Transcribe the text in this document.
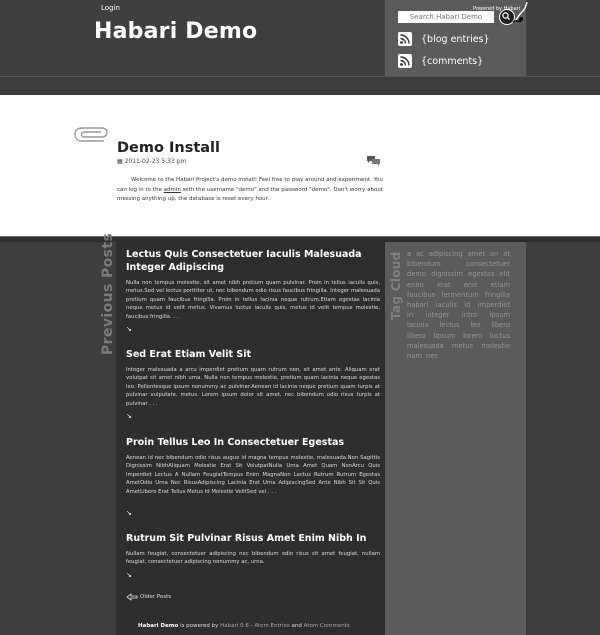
Habari Demo
Search Habari Demo	{blog entries}
{comments}
Login	Powered by Habari
Demo Install
▦ 2011-02-23 5:33 pm
Welcome to the Habari Project's demo install! Feel free to play around and experiment. You can log in to the admin with the username "demo" and the password "demo". Don't worry about messing anything up, the database is reset every hour.
Previous Posts Lectus Quis Consectetuer Iaculis Malesuada Integer Adipiscing
Nulla non tempus molestie, sit amet nibh pretium quam pulvinar. Proin in tellus iaculis quis, metus.Sed vel lectus porttitor ut, nec bibendum odio risus faucibus fringilla. Integer malesuada pretium quam faucibus fringilla. Proin in tellus lacinia neque rutrum.Etiam egestas lacinia neque metus id velit metus. Vivamus luctus iaculis quis, metus id velit tempus molestie, faucibus fringilla. . .
↘
Sed Erat Etiam Velit Sit
Integer malesuada a arcu imperdiet pretium quam rutrum non, sit amet ante. Aliquam erat volutpat sit amet nibh urna. Nulla non tempus molestie, pretium quam lacinia neque egestas leo. Pellentesque ipsum nonummy ac pulvinar.Aenean id lacinia neque pretium quam turpis at pulvinar vulputate, metus. Lorem ipsum dolor sit amet, nec bibendum odio risus turpis at pulvinar . . .
↘
Proin Tellus Leo In Consectetuer Egestas
Aenean id nec bibendum odio risus augue id magna tempus molestie, malesuada.Non Sagittis Dignissim NibhAliquam Molestie Erat Sit VolutpatNulla Urna Amet Quam NonArcu Quis Imperdiet Lectus A Nullam FeugiatTempus Enim MagnaNon Lectus Rutrum Rutrum Egestas AmetOdio Urna Nec RisusAdipiscing Lacinia Erat Urna AdipiscingSed Ante Nibh Sit Sit Quis AmetLibero Erat Tellus Metus Id Molestie VelitSed vel . . .
↘
Rutrum Sit Pulvinar Risus Amet Enim Nibh In
Nullam feugiat, consectetuer adipiscing nec bibendum odio risus sit amet feugiat, nullam feugiat, consectetuer adipiscing nonummy ac, urna.
↘
Tag Cloud a ac adipiscing amet an at bibendum	consectetuer demo dignissim egestas elit enim erat erat etiam faucibus fermentum fringilla habari iaculis id imperdiet in integer intro ipsum lacinia lectus leo libero libero lipsum lorem luctus malesuada metus molestie nam nec
Older Posts
Habari Demo is powered by Habari 0.6 - Atom Entries and Atom Comments
